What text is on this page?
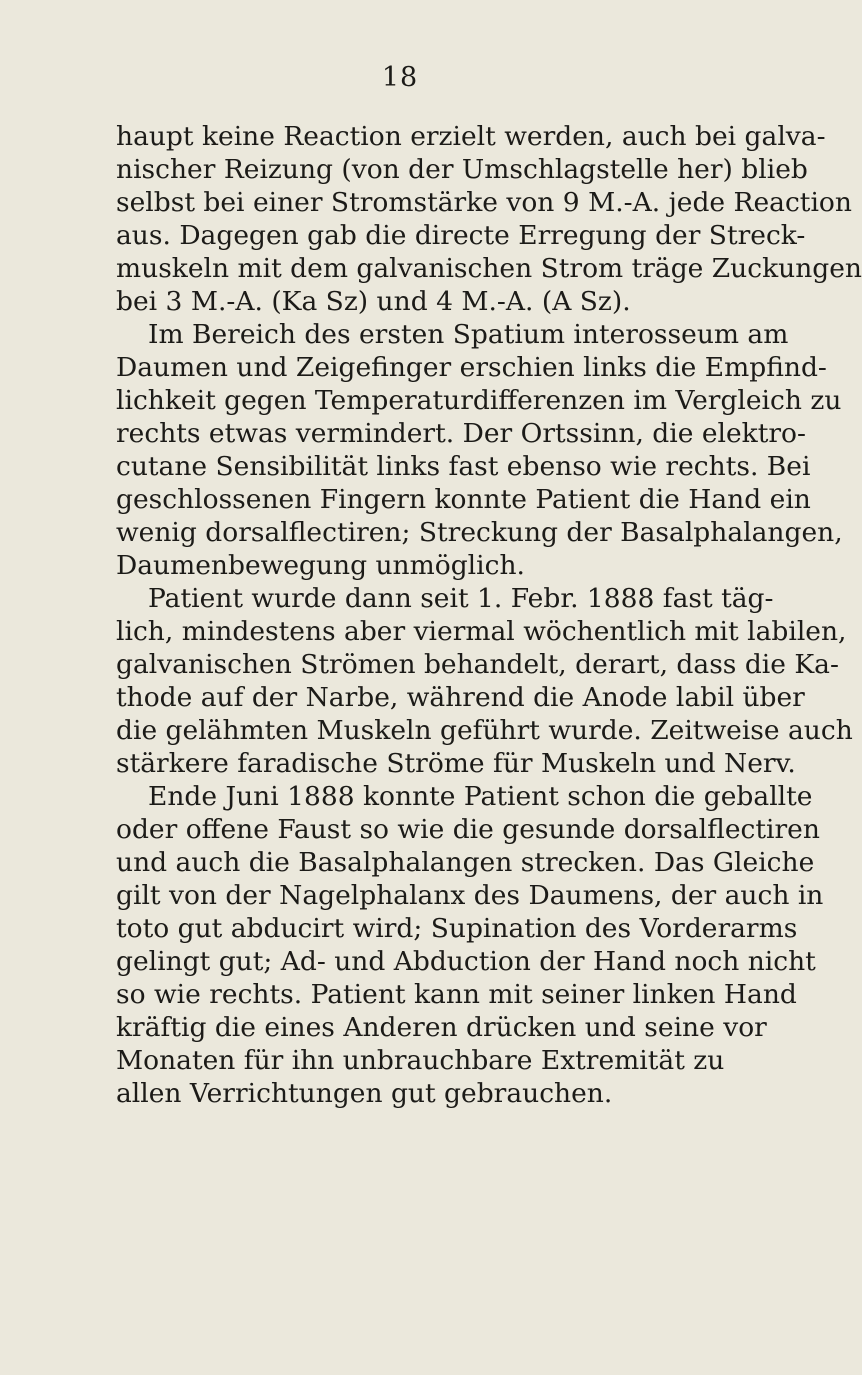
18
haupt keine Reaction erzielt werden, auch bei galva-
nischer Reizung (von der Umschlagstelle her) blieb
selbst bei einer Stromstärke von 9 M.-A. jede Reaction
aus. Dagegen gab die directe Erregung der Streck-
muskeln mit dem galvanischen Strom träge Zuckungen
bei 3 M.-A. (Ka Sz) und 4 M.-A. (A Sz).
Im Bereich des ersten Spatium interosseum am
Daumen und Zeigefinger erschien links die Empfind-
lichkeit gegen Temperaturdifferenzen im Vergleich zu
rechts etwas vermindert. Der Ortssinn, die elektro-
cutane Sensibilität links fast ebenso wie rechts. Bei
geschlossenen Fingern konnte Patient die Hand ein
wenig dorsalflectiren; Streckung der Basalphalangen,
Daumenbewegung unmöglich.
Patient wurde dann seit 1. Febr. 1888 fast täg-
lich, mindestens aber viermal wöchentlich mit labilen,
galvanischen Strömen behandelt, derart, dass die Ka-
thode auf der Narbe, während die Anode labil über
die gelähmten Muskeln geführt wurde. Zeitweise auch
stärkere faradische Ströme für Muskeln und Nerv.
Ende Juni 1888 konnte Patient schon die geballte
oder offene Faust so wie die gesunde dorsalflectiren
und auch die Basalphalangen strecken. Das Gleiche
gilt von der Nagelphalanx des Daumens, der auch in
toto gut abducirt wird; Supination des Vorderarms
gelingt gut; Ad- und Abduction der Hand noch nicht
so wie rechts. Patient kann mit seiner linken Hand
kräftig die eines Anderen drücken und seine vor
Monaten für ihn unbrauchbare Extremität zu
allen Verrichtungen gut gebrauchen.
